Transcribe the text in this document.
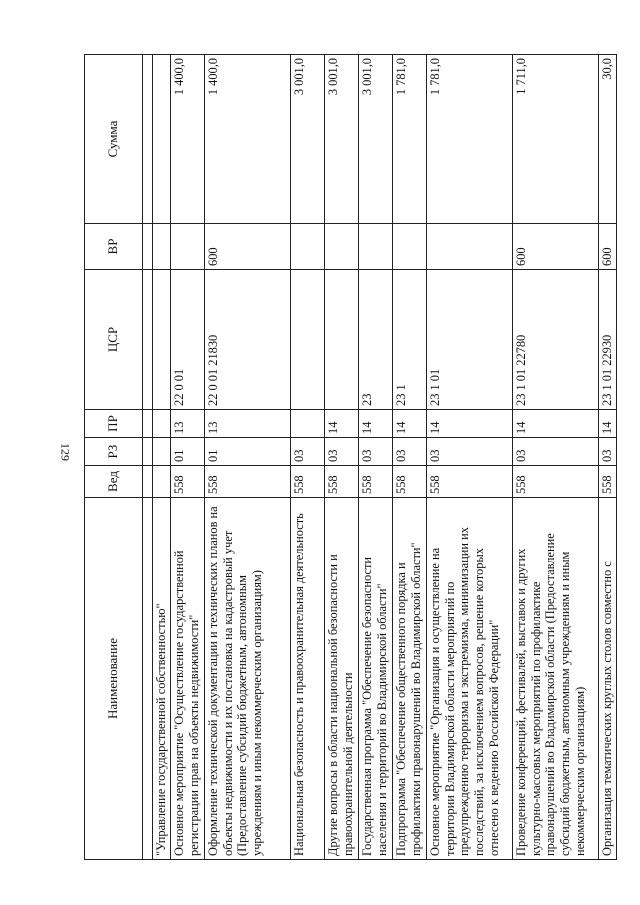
129
Наименование	Вед	РЗ	ПР	ЦСР	ВР	Сумма

"Управление государственной собственностью"						
Основное мероприятие "Осуществление государственной регистрации прав на объекты недвижимости"	558	01	13	22 0 01		1 400,0
Оформление технической документации и технических планов на объекты недвижимости и их постановка на кадастровый учет (Предоставление субсидий бюджетным, автономным учреждениям и иным некоммерческим организациям)	558	01	13	22 0 01 21830	600	1 400,0
Национальная безопасность и правоохранительная деятельность	558	03				3 001,0
Другие вопросы в области национальной безопасности и правоохранительной деятельности	558	03	14			3 001,0
Государственная программа "Обеспечение безопасности населения и территорий во Владимирской области"	558	03	14	23		3 001,0
Подпрограмма "Обеспечение общественного порядка и профилактики правонарушений во Владимирской области"	558	03	14	23 1		1 781,0
Основное мероприятие "Организация и осуществление на территории Владимирской области мероприятий по предупреждению терроризма и экстремизма, минимизации их последствий, за исключением вопросов, решение которых отнесено к ведению Российской Федерации"	558	03	14	23 1 01		1 781,0
Проведение конференций, фестивалей, выставок и других культурно-массовых мероприятий по профилактике правонарушений во Владимирской области (Предоставление субсидий бюджетным, автономным учреждениям и иным некоммерческим организациям)	558	03	14	23 1 01 22780	600	1 711,0
Организация тематических круглых столов совместно с	558	03	14	23 1 01 22930	600	30,0
